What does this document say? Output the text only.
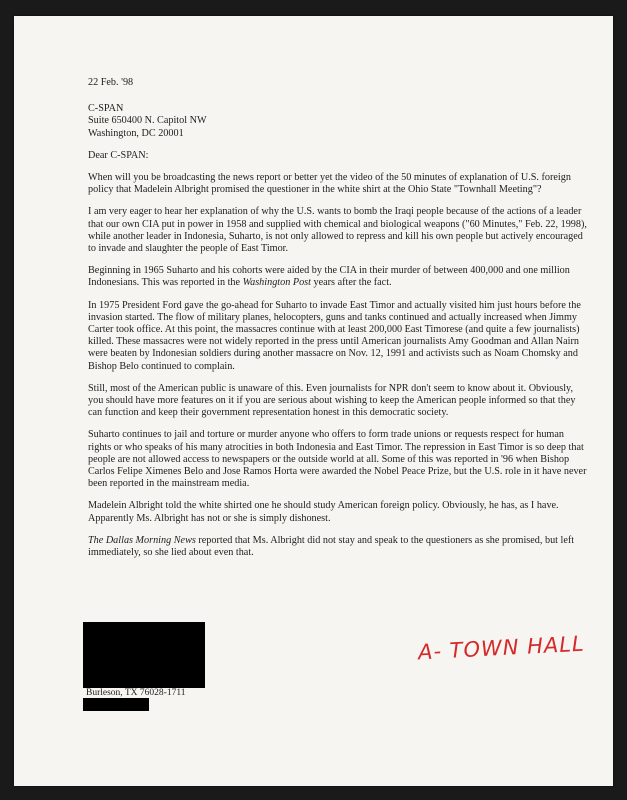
22 Feb. '98

C-SPAN
Suite 650400 N. Capitol NW
Washington, DC 20001

Dear C-SPAN:

When will you be broadcasting the news report or better yet the video of the 50 minutes of explanation of U.S. foreign policy that Madelein Albright promised the questioner in the white shirt at the Ohio State "Townhall Meeting"?

I am very eager to hear her explanation of why the U.S. wants to bomb the Iraqi people because of the actions of a leader that our own CIA put in power in 1958 and supplied with chemical and biological weapons ("60 Minutes," Feb. 22, 1998), while another leader in Indonesia, Suharto, is not only allowed to repress and kill his own people but actively encouraged to invade and slaughter the people of East Timor.

Beginning in 1965 Suharto and his cohorts were aided by the CIA in their murder of between 400,000 and one million Indonesians. This was reported in the Washington Post years after the fact.

In 1975 President Ford gave the go-ahead for Suharto to invade East Timor and actually visited him just hours before the invasion started. The flow of military planes, helocopters, guns and tanks continued and actually increased when Jimmy Carter took office. At this point, the massacres continue with at least 200,000 East Timorese (and quite a few journalists) killed. These massacres were not widely reported in the press until American journalists Amy Goodman and Allan Nairn were beaten by Indonesian soldiers during another massacre on Nov. 12, 1991 and activists such as Noam Chomsky and Bishop Belo continued to complain.

Still, most of the American public is unaware of this. Even journalists for NPR don't seem to know about it. Obviously, you should have more features on it if you are serious about wishing to keep the American people informed so that they can function and keep their government representation honest in this democratic society.

Suharto continues to jail and torture or murder anyone who offers to form trade unions or requests respect for human rights or who speaks of his many atrocities in both Indonesia and East Timor. The repression in East Timor is so deep that people are not allowed access to newspapers or the outside world at all. Some of this was reported in '96 when Bishop Carlos Felipe Ximenes Belo and Jose Ramos Horta were awarded the Nobel Peace Prize, but the U.S. role in it have never been reported in the mainstream media.

Madelein Albright told the white shirted one he should study American foreign policy. Obviously, he has, as I have. Apparently Ms. Albright has not or she is simply dishonest.

The Dallas Morning News reported that Ms. Albright did not stay and speak to the questioners as she promised, but left immediately, so she lied about even that.

Burleson, TX 76028-1711
A- TOWN HALL
